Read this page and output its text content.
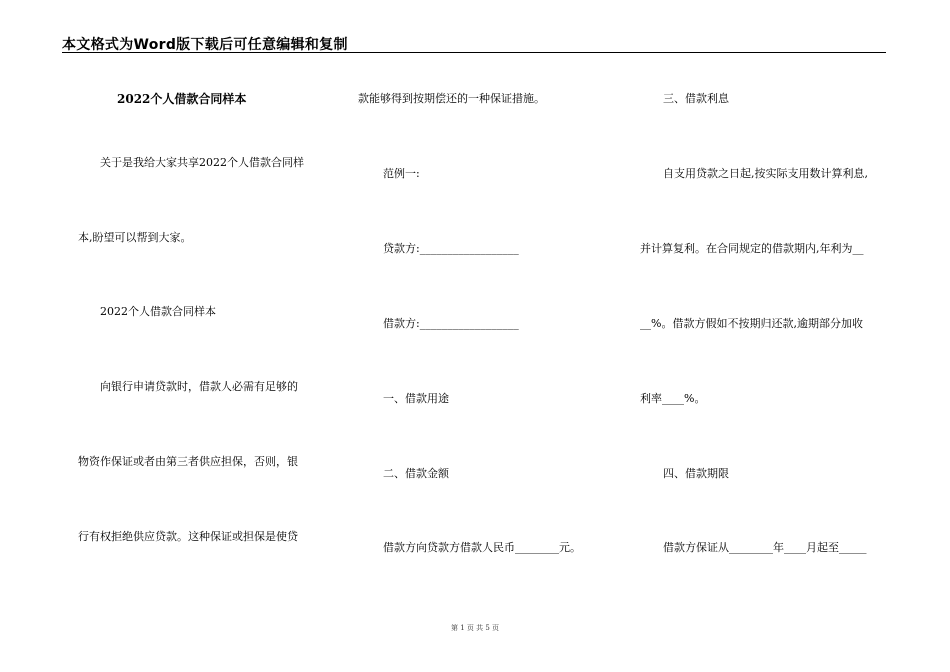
本文格式为Word版下载后可任意编辑和复制
2022个人借款合同样本
关于是我给大家共享2022个人借款合同样
本,盼望可以帮到大家。
2022个人借款合同样本
向银行申请贷款时，借款人必需有足够的
物资作保证或者由第三者供应担保，否则，银
行有权拒绝供应贷款。这种保证或担保是使贷
款能够得到按期偿还的一种保证措施。
范例一:
贷款方:__________________
借款方:__________________
一、借款用途
二、借款金额
借款方向贷款方借款人民币________元。
三、借款利息
自支用贷款之日起,按实际支用数计算利息,
并计算复利。在合同规定的借款期内,年利为__
__%。借款方假如不按期归还款,逾期部分加收
利率____%。
四、借款期限
借款方保证从________年____月起至_____
第 1 页 共 5 页
